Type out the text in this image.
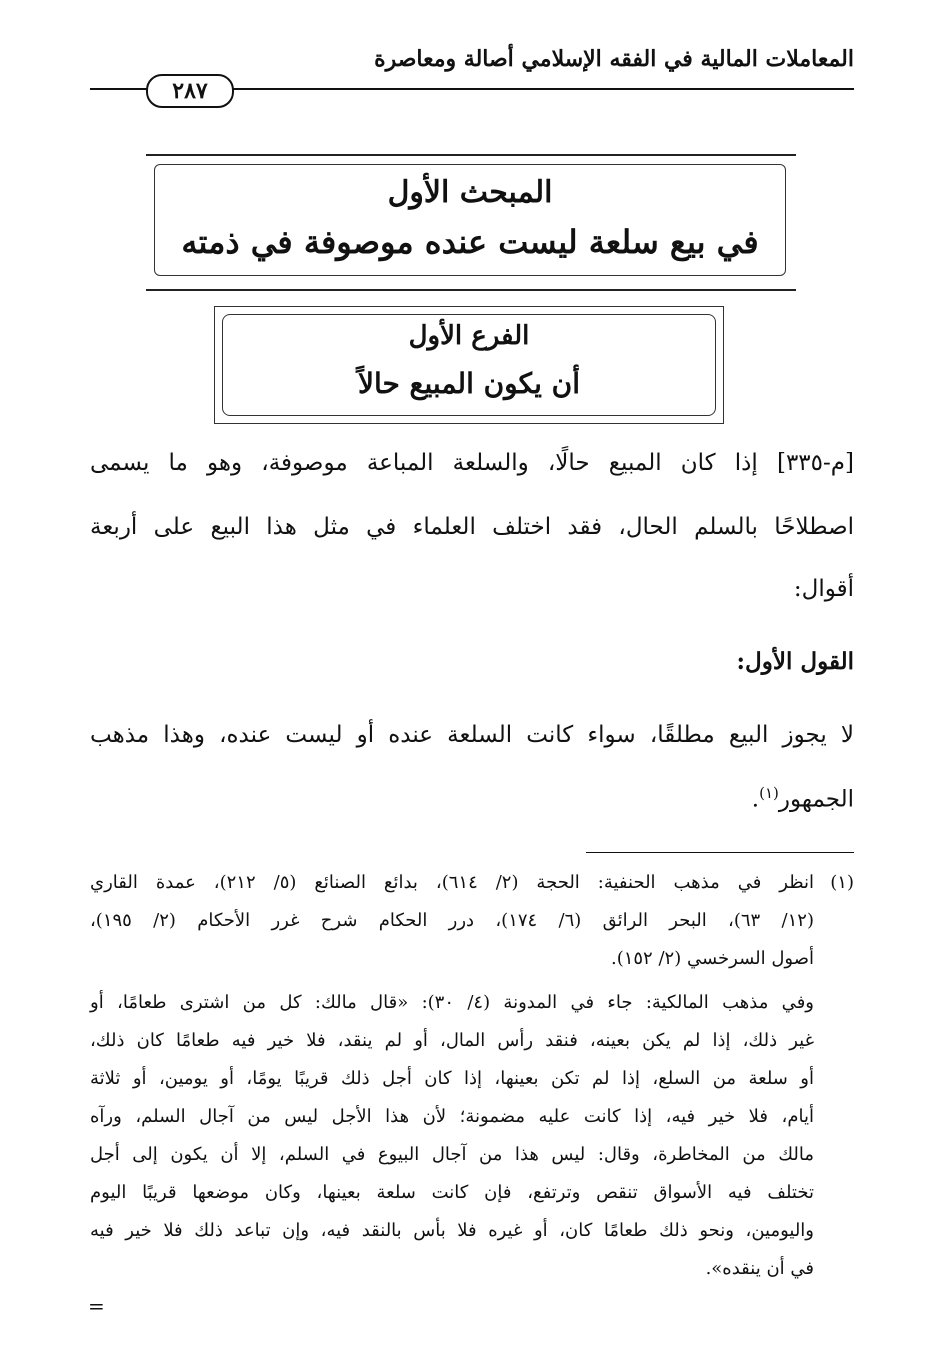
المعاملات المالية في الفقه الإسلامي أصالة ومعاصرة
٢٨٧
المبحث الأول
في بيع سلعة ليست عنده موصوفة في ذمته
الفرع الأول
أن يكون المبيع حالاً
[م-٣٣٥] إذا كان المبيع حالًا، والسلعة المباعة موصوفة، وهو ما يسمى
اصطلاحًا بالسلم الحال، فقد اختلف العلماء في مثل هذا البيع على أربعة
أقوال:
القول الأول:
لا يجوز البيع مطلقًا، سواء كانت السلعة عنده أو ليست عنده، وهذا مذهب
الجمهور$^{(١)}$.
(١)
انظر في مذهب الحنفية: الحجة (٢/ ٦١٤)، بدائع الصنائع (٥/ ٢١٢)، عمدة القاري
(١٢/ ٦٣)، البحر الرائق (٦/ ١٧٤)، درر الحكام شرح غرر الأحكام (٢/ ١٩٥)،
أصول السرخسي (٢/ ١٥٢).
وفي مذهب المالكية: جاء في المدونة (٤/ ٣٠): «قال مالك: كل من اشترى طعامًا، أو
غير ذلك، إذا لم يكن بعينه، فنقد رأس المال، أو لم ينقد، فلا خير فيه طعامًا كان ذلك،
أو سلعة من السلع، إذا لم تكن بعينها، إذا كان أجل ذلك قريبًا يومًا، أو يومين، أو ثلاثة
أيام، فلا خير فيه، إذا كانت عليه مضمونة؛ لأن هذا الأجل ليس من آجال السلم، ورآه
مالك من المخاطرة، وقال: ليس هذا من آجال البيوع في السلم، إلا أن يكون إلى أجل
تختلف فيه الأسواق تنقص وترتفع، فإن كانت سلعة بعينها، وكان موضعها قريبًا اليوم
واليومين، ونحو ذلك طعامًا كان، أو غيره فلا بأس بالنقد فيه، وإن تباعد ذلك فلا خير فيه
في أن ينقده».
=
